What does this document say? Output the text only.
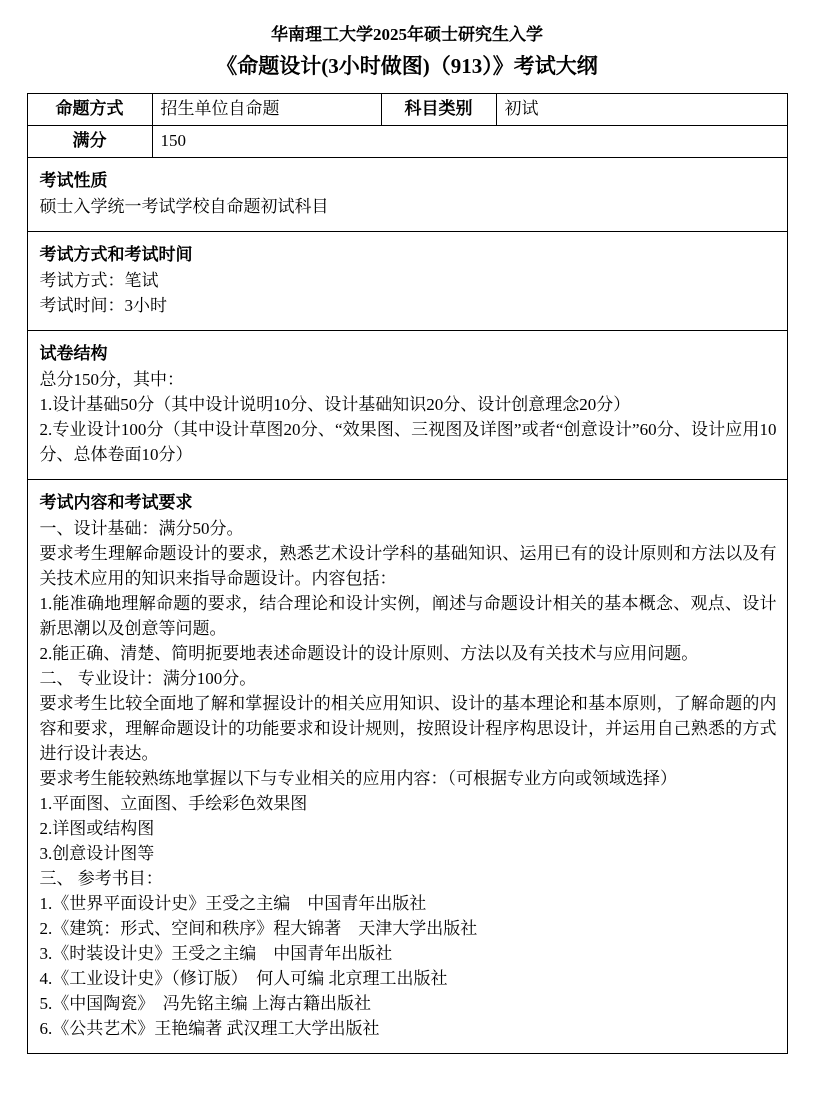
华南理工大学2025年硕士研究生入学
《命题设计(3小时做图)（913）》考试大纲
命题方式	招生单位自命题	科目类别	初试
满分	150		

考试性质

硕士入学统一考试学校自命题初试科目			

考试方式和考试时间

考试方式：笔试

考试时间：3小时			

试卷结构

总分150分，其中：

1.设计基础50分（其中设计说明10分、设计基础知识20分、设计创意理念20分）

2.专业设计100分（其中设计草图20分、“效果图、三视图及详图”或者“创意设计”60分、设计应用10分、总体卷面10分）			

考试内容和考试要求

一、设计基础：满分50分。

要求考生理解命题设计的要求，熟悉艺术设计学科的基础知识、运用已有的设计原则和方法以及有关技术应用的知识来指导命题设计。内容包括：

1.能准确地理解命题的要求，结合理论和设计实例，阐述与命题设计相关的基本概念、观点、设计新思潮以及创意等问题。

2.能正确、清楚、简明扼要地表述命题设计的设计原则、方法以及有关技术与应用问题。

二、 专业设计：满分100分。

要求考生比较全面地了解和掌握设计的相关应用知识、设计的基本理论和基本原则，了解命题的内容和要求，理解命题设计的功能要求和设计规则，按照设计程序构思设计，并运用自己熟悉的方式进行设计表达。

要求考生能较熟练地掌握以下与专业相关的应用内容：（可根据专业方向或领域选择）

1.平面图、立面图、手绘彩色效果图

2.详图或结构图

3.创意设计图等

三、 参考书目：

1.《世界平面设计史》王受之主编　中国青年出版社

2.《建筑：形式、空间和秩序》程大锦著　天津大学出版社

3.《时装设计史》王受之主编　中国青年出版社

4.《工业设计史》（修订版）　何人可编 北京理工出版社

5.《中国陶瓷》　冯先铭主编 上海古籍出版社

6.《公共艺术》王艳编著 武汉理工大学出版社
